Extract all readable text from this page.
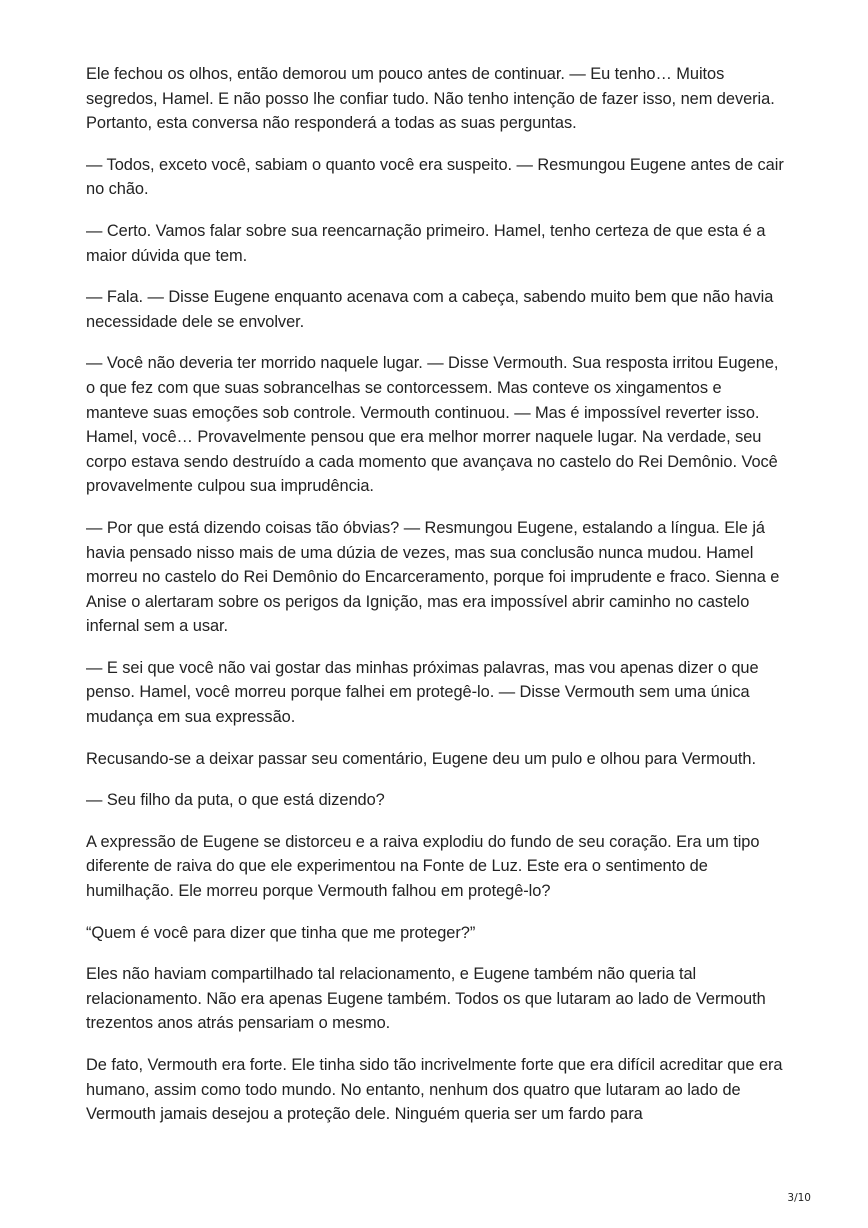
Ele fechou os olhos, então demorou um pouco antes de continuar. — Eu tenho… Muitos segredos, Hamel. E não posso lhe confiar tudo. Não tenho intenção de fazer isso, nem deveria. Portanto, esta conversa não responderá a todas as suas perguntas.

— Todos, exceto você, sabiam o quanto você era suspeito. — Resmungou Eugene antes de cair no chão.

— Certo. Vamos falar sobre sua reencarnação primeiro. Hamel, tenho certeza de que esta é a maior dúvida que tem.

— Fala. — Disse Eugene enquanto acenava com a cabeça, sabendo muito bem que não havia necessidade dele se envolver.

— Você não deveria ter morrido naquele lugar. — Disse Vermouth. Sua resposta irritou Eugene, o que fez com que suas sobrancelhas se contorcessem. Mas conteve os xingamentos e manteve suas emoções sob controle. Vermouth continuou. — Mas é impossível reverter isso. Hamel, você… Provavelmente pensou que era melhor morrer naquele lugar. Na verdade, seu corpo estava sendo destruído a cada momento que avançava no castelo do Rei Demônio. Você provavelmente culpou sua imprudência.

— Por que está dizendo coisas tão óbvias? — Resmungou Eugene, estalando a língua. Ele já havia pensado nisso mais de uma dúzia de vezes, mas sua conclusão nunca mudou. Hamel morreu no castelo do Rei Demônio do Encarceramento, porque foi imprudente e fraco. Sienna e Anise o alertaram sobre os perigos da Ignição, mas era impossível abrir caminho no castelo infernal sem a usar.

— E sei que você não vai gostar das minhas próximas palavras, mas vou apenas dizer o que penso. Hamel, você morreu porque falhei em protegê-lo. — Disse Vermouth sem uma única mudança em sua expressão.

Recusando-se a deixar passar seu comentário, Eugene deu um pulo e olhou para Vermouth.

— Seu filho da puta, o que está dizendo?

A expressão de Eugene se distorceu e a raiva explodiu do fundo de seu coração. Era um tipo diferente de raiva do que ele experimentou na Fonte de Luz. Este era o sentimento de humilhação. Ele morreu porque Vermouth falhou em protegê-lo?

“Quem é você para dizer que tinha que me proteger?”

Eles não haviam compartilhado tal relacionamento, e Eugene também não queria tal relacionamento. Não era apenas Eugene também. Todos os que lutaram ao lado de Vermouth trezentos anos atrás pensariam o mesmo.

De fato, Vermouth era forte. Ele tinha sido tão incrivelmente forte que era difícil acreditar que era humano, assim como todo mundo. No entanto, nenhum dos quatro que lutaram ao lado de Vermouth jamais desejou a proteção dele. Ninguém queria ser um fardo para

3/10
